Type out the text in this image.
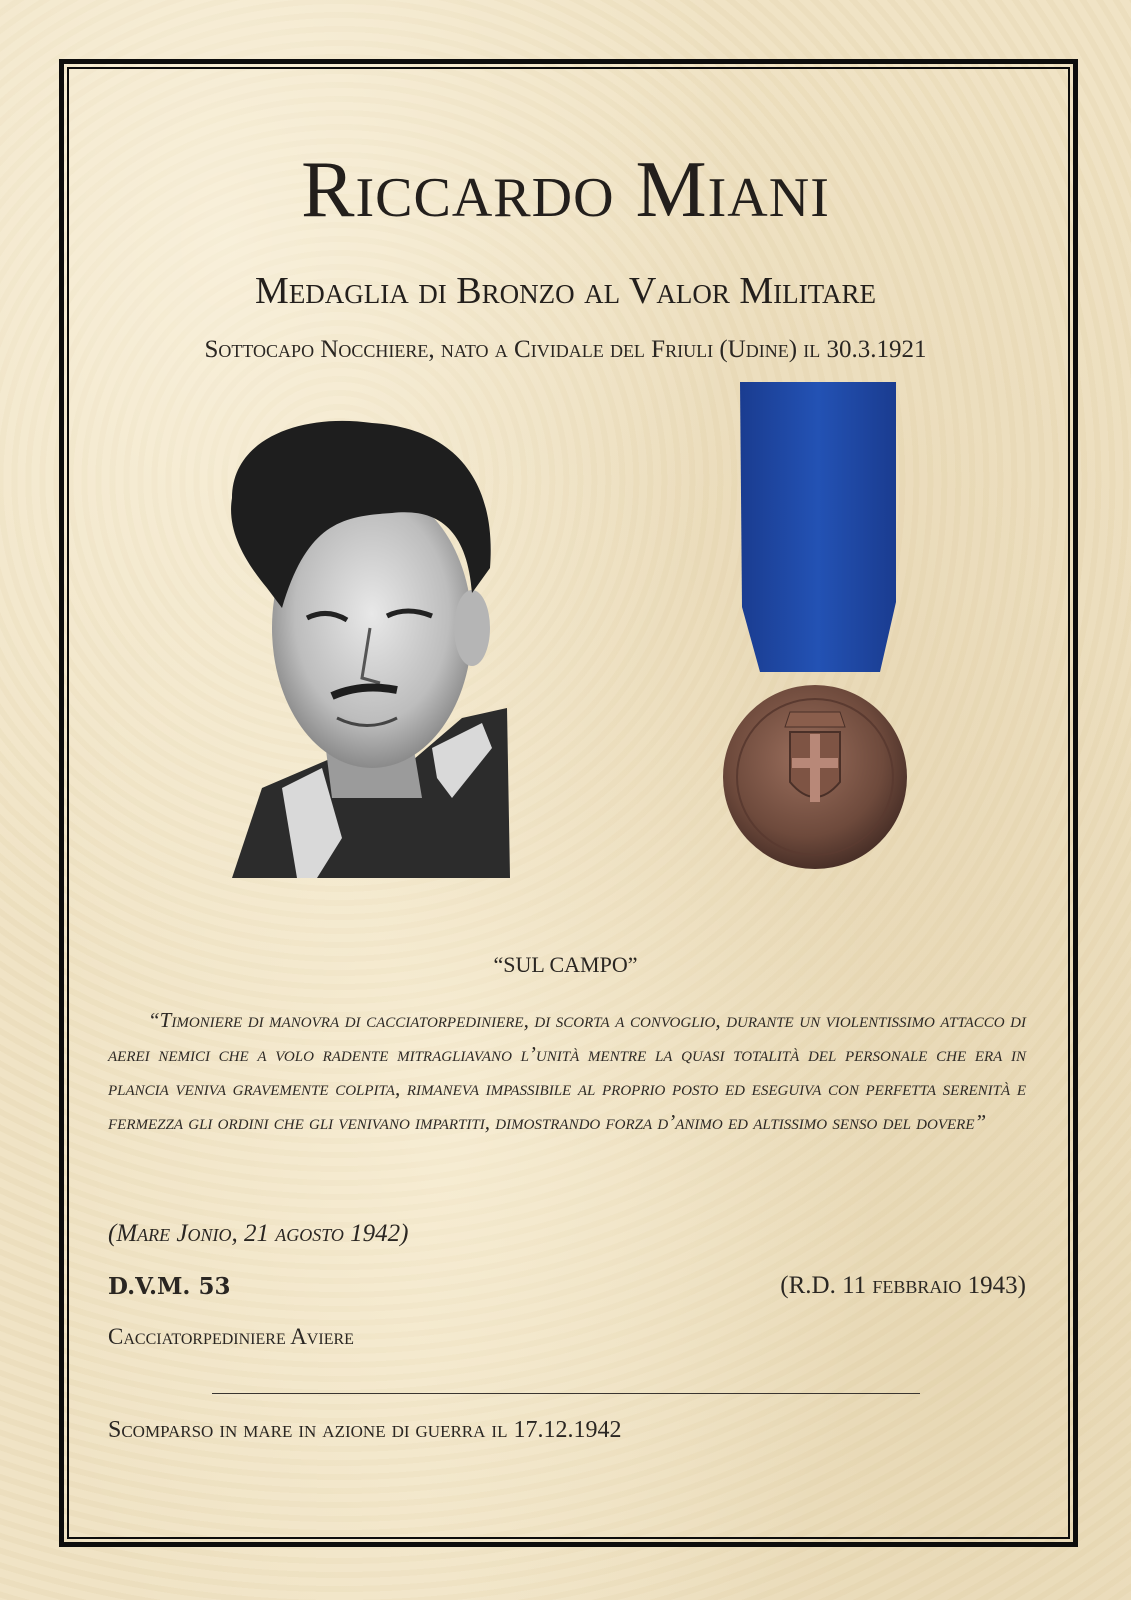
Riccardo Miani
Medaglia di Bronzo al Valor Militare
Sottocapo Nocchiere, nato a Cividale del Friuli (Udine) il 30.3.1921
“SUL CAMPO”
“Timoniere di manovra di cacciatorpediniere, di scorta a convoglio, durante un violentissimo attacco di aerei nemici che a volo radente mitragliavano l’unità mentre la quasi totalità del personale che era in plancia veniva gravemente colpita, rimaneva impassibile al proprio posto ed eseguiva con perfetta serenità e fermezza gli ordini che gli venivano impartiti, dimostrando forza d’animo ed altissimo senso del dovere”
(Mare Jonio, 21 agosto 1942)
D.V.M. 53	(R.D. 11 febbraio 1943)
Cacciatorpediniere Aviere
Scomparso in mare in azione di guerra il 17.12.1942
